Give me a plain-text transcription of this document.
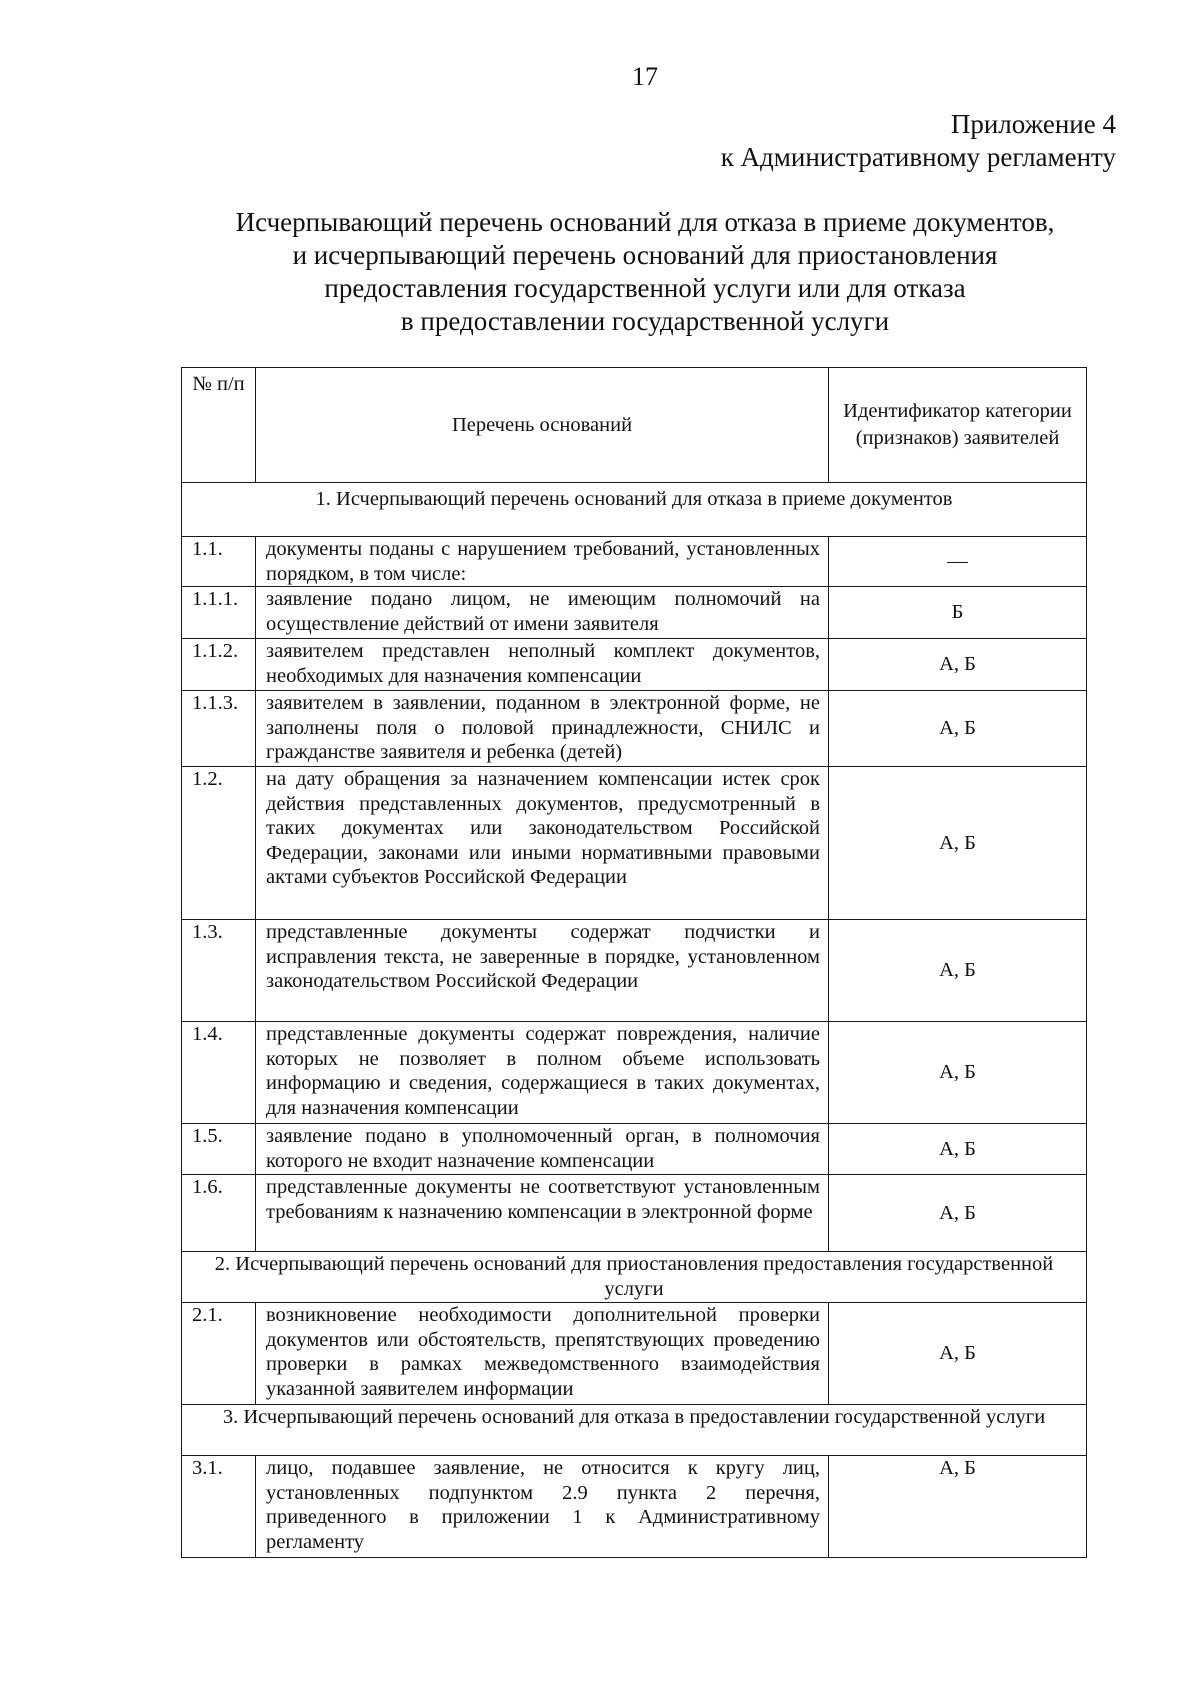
17
Приложение 4
к Административному регламенту
Исчерпывающий перечень оснований для отказа в приеме документов,
и исчерпывающий перечень оснований для приостановления
предоставления государственной услуги или для отказа
в предоставлении государственной услуги
№ п/п	Перечень оснований	Идентификатор категории (признаков) заявителей
1. Исчерпывающий перечень оснований для отказа в приеме документов		
1.1.	документы поданы с нарушением требований, установленных порядком, в том числе:	—
1.1.1.	заявление подано лицом, не имеющим полномочий на осуществление действий от имени заявителя	Б
1.1.2.	заявителем представлен неполный комплект документов, необходимых для назначения компенсации	А, Б
1.1.3.	заявителем в заявлении, поданном в электронной форме, не заполнены поля о половой принадлежности, СНИЛС и гражданстве заявителя и ребенка (детей)	А, Б
1.2.	на дату обращения за назначением компенсации истек срок действия представленных документов, предусмотренный в таких документах или законодательством Российской Федерации, законами или иными нормативными правовыми актами субъектов Российской Федерации	А, Б
1.3.	представленные документы содержат подчистки и исправления текста, не заверенные в порядке, установленном законодательством Российской Федерации	А, Б
1.4.	представленные документы содержат повреждения, наличие которых не позволяет в полном объеме использовать информацию и сведения, содержащиеся в таких документах, для назначения компенсации	А, Б
1.5.	заявление подано в уполномоченный орган, в полномочия которого не входит назначение компенсации	А, Б
1.6.	представленные документы не соответствуют установленным требованиям к назначению компенсации в электронной форме	А, Б
2. Исчерпывающий перечень оснований для приостановления предоставления государственной услуги		
2.1.	возникновение необходимости дополнительной проверки документов или обстоятельств, препятствующих проведению проверки в рамках межведомственного взаимодействия указанной заявителем информации	А, Б
3. Исчерпывающий перечень оснований для отказа в предоставлении государственной услуги		
3.1.	лицо, подавшее заявление, не относится к кругу лиц, установленных подпунктом 2.9 пункта 2 перечня, приведенного в приложении 1 к Административному регламенту	А, Б
